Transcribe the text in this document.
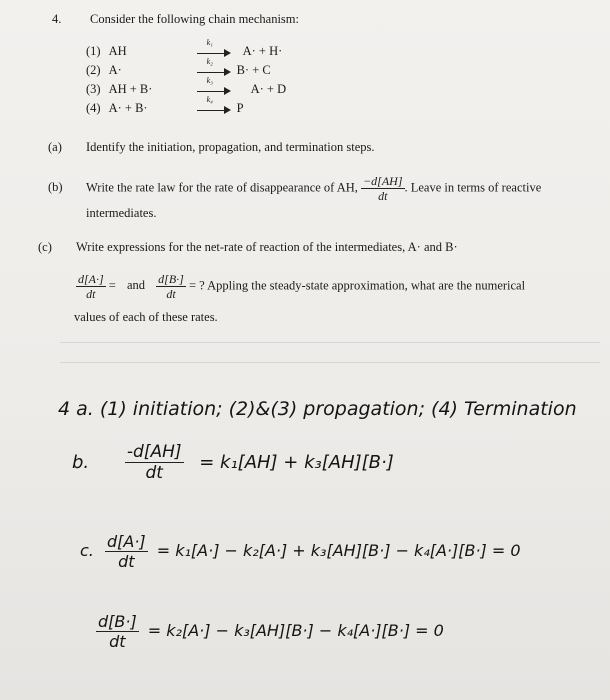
4. Consider the following chain mechanism:
(1)	AH	k₁	A· + H·
(2)	A·	k₂	B· + C
(3)	AH + B·	k₃	A· + D
(4)	A· + B·	k₄	P
(a) Identify the initiation, propagation, and termination steps.
(b) Write the rate law for the rate of disappearance of AH, $\frac{-d[AH]}{dt}$ . Leave in terms of reactive
intermediates.
(c) Write expressions for the net-rate of reaction of the intermediates, A· and B·
$\frac{d[A\cdot]}{dt}$ = and $\frac{d[B\cdot]}{dt}$ = ? Appling the steady-state approximation, what are the numerical
values of each of these rates.
4 a. (1) initiation; (2)&(3) propagation; (4) Termination
b. $\frac{-d[AH]}{dt} = k_1[AH] + k_3[AH][B\cdot]$
c. $\frac{d[A\cdot]}{dt} = k_1[A\cdot] - k_2[A\cdot] + k_3[AH][B\cdot] - k_4[A\cdot][B\cdot] = 0$
$\frac{d[B\cdot]}{dt} = k_2[A\cdot] - k_3[AH][B\cdot] - k_4[A\cdot][B\cdot] = 0$
